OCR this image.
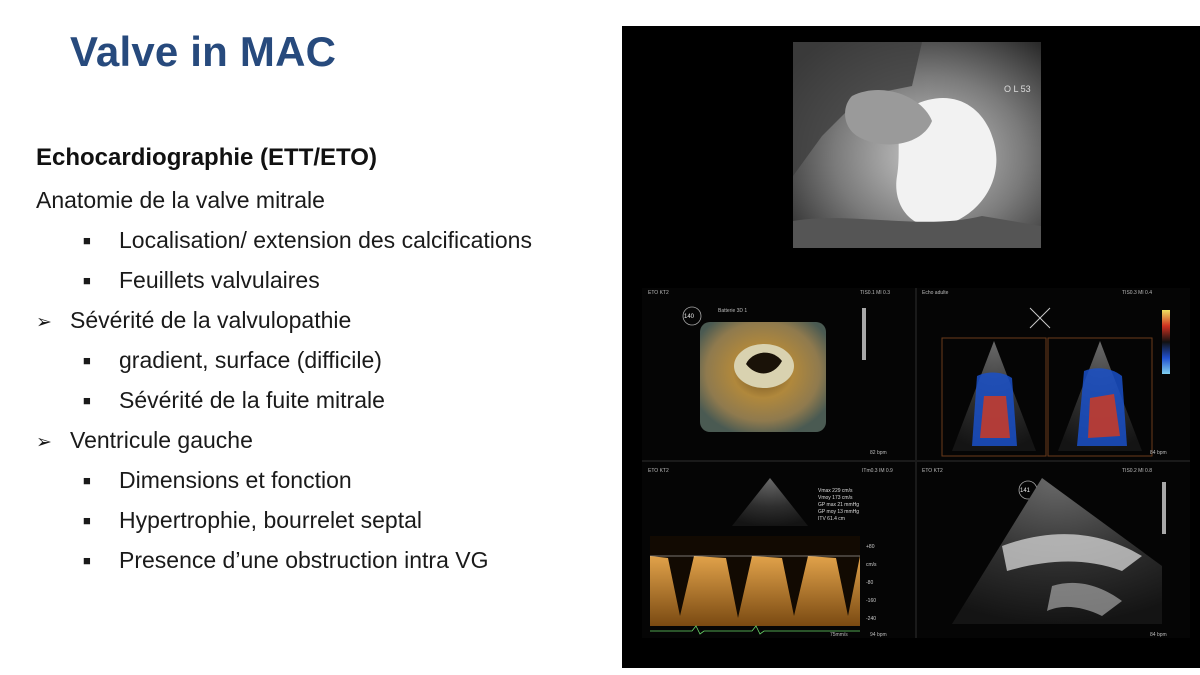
Valve in MAC
Echocardiographie (ETT/ETO)
Anatomie de la valve mitrale
■ Localisation/ extension des calcifications
■ Feuillets valvulaires
➢ Sévérité de la valvulopathie
■ gradient, surface (difficile)
■ Sévérité de la fuite mitrale
➢ Ventricule gauche
■ Dimensions et fonction
■ Hypertrophie, bourrelet septal
■ Presence d’une obstruction intra VG
O L 53
ETO KT2
Batterie 3D 1
TIS0.1 MI 0.3
140
82 bpm
Echo adulte	TIS0.3 MI 0.4
84 bpm
ETO KT2	ITm0.3 IM 0.9
Vmax 229 cm/s
Vmoy 173 cm/s
GP max 21 mmHg
GP moy 13 mmHg
ITV 61.4 cm
+80
cm/s
-80
-160
-240
75mm/s	94 bpm
ETO KT2	TIS0.2 MI 0.8
141
84 bpm
